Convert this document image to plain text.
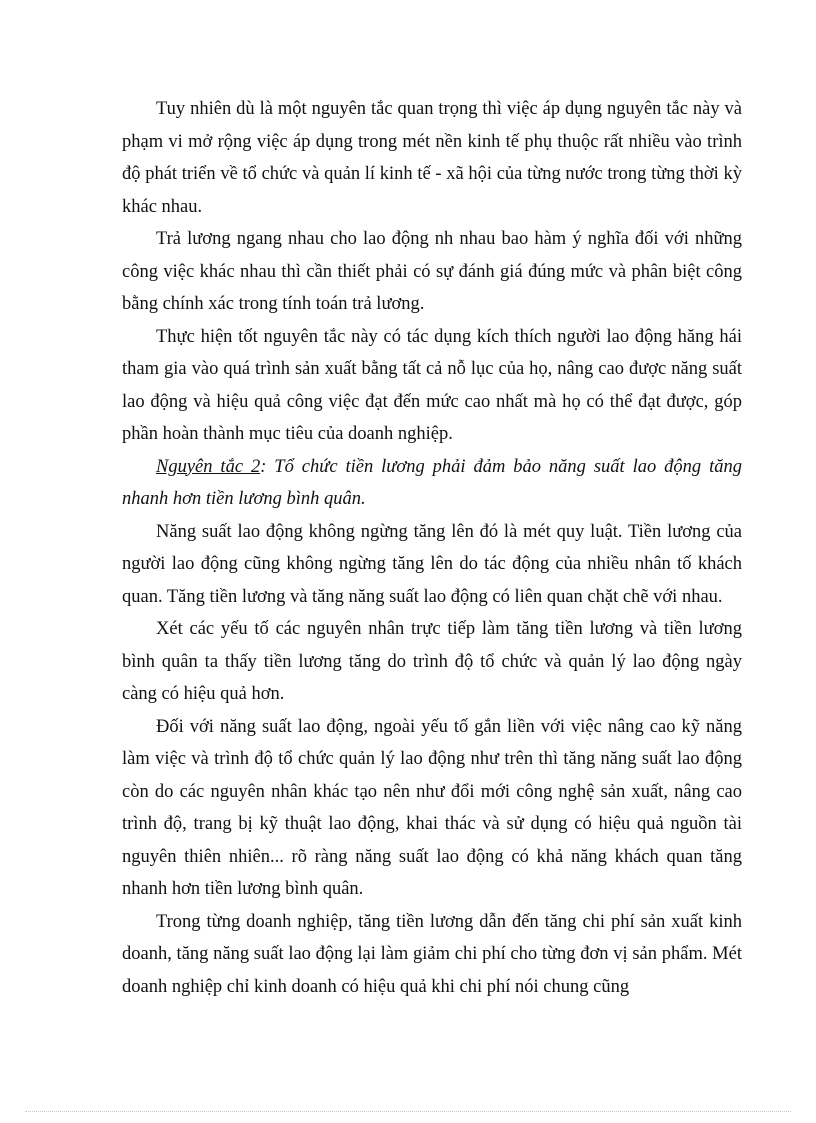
Tuy nhiên dù là một nguyên tắc quan trọng thì việc áp dụng nguyên tắc này và phạm vi mở rộng việc áp dụng trong mét nền kinh tế phụ thuộc rất nhiều vào trình độ phát triển về tổ chức và quản lí kinh tế - xã hội của từng nước trong từng thời kỳ khác nhau.

Trả lương ngang nhau cho lao động nh nhau bao hàm ý nghĩa đối với những công việc khác nhau thì cần thiết phải có sự đánh giá đúng mức và phân biệt công bằng chính xác trong tính toán trả lương.

Thực hiện tốt nguyên tắc này có tác dụng kích thích người lao động hăng hái tham gia vào quá trình sản xuất bằng tất cả nỗ lục của họ, nâng cao được năng suất lao động và hiệu quả công việc đạt đến mức cao nhất mà họ có thể đạt được, góp phần hoàn thành mục tiêu của doanh nghiệp.

Nguyên tắc 2: Tổ chức tiền lương phải đảm bảo năng suất lao động tăng nhanh hơn tiền lương bình quân.

Năng suất lao động không ngừng tăng lên đó là mét quy luật. Tiền lương của người lao động cũng không ngừng tăng lên do tác động của nhiều nhân tố khách quan. Tăng tiền lương và tăng năng suất lao động có liên quan chặt chẽ với nhau.

Xét các yếu tố các nguyên nhân trực tiếp làm tăng tiền lương và tiền lương bình quân ta thấy tiền lương tăng do trình độ tổ chức và quản lý lao động ngày càng có hiệu quả hơn.

Đối với năng suất lao động, ngoài yếu tố gắn liền với việc nâng cao kỹ năng làm việc và trình độ tổ chức quản lý lao động như trên thì tăng năng suất lao động còn do các nguyên nhân khác tạo nên như đổi mới công nghệ sản xuất, nâng cao trình độ, trang bị kỹ thuật lao động, khai thác và sử dụng có hiệu quả nguồn tài nguyên thiên nhiên... rõ ràng năng suất lao động có khả năng khách quan tăng nhanh hơn tiền lương bình quân.

Trong từng doanh nghiệp, tăng tiền lương dẫn đến tăng chi phí sản xuất kinh doanh, tăng năng suất lao động lại làm giảm chi phí cho từng đơn vị sản phẩm. Mét doanh nghiệp chỉ kinh doanh có hiệu quả khi chi phí nói chung cũng
